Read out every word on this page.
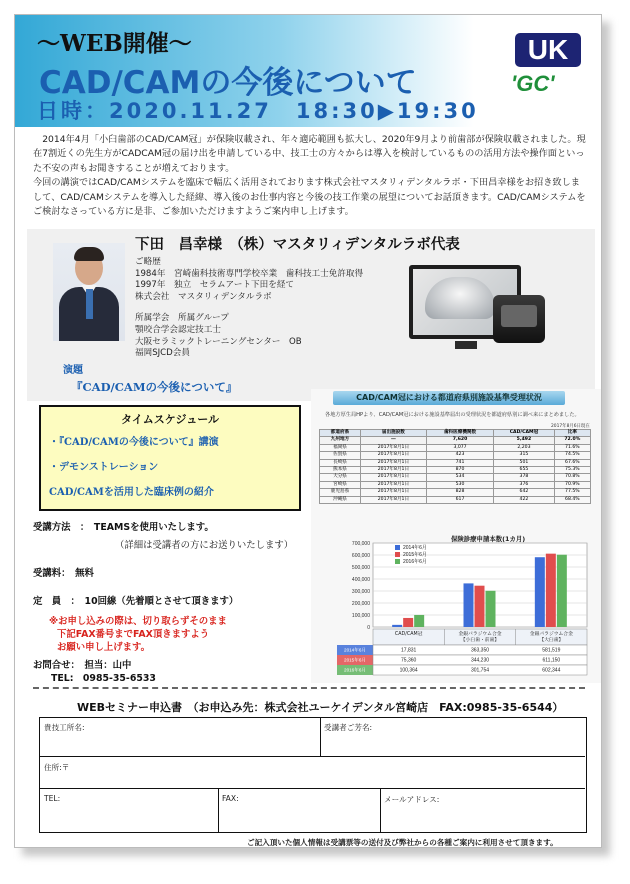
～WEB開催～
CAD/CAMの今後について
日時：2020.11.27　18:30▶19:30
UK
'GC'

2014年4月「小臼歯部のCAD/CAM冠」が保険収載され、年々適応範囲も拡大し、2020年9月より前歯部が保険収載されました。現在7割近くの先生方がCADCAM冠の届け出を申請している中、技工士の方々からは導入を検討しているものの活用方法や操作面といった不安の声もお聞きすることが増えております。

今回の講演ではCAD/CAMシステムを臨床で幅広く活用されております株式会社マスタリィデンタルラボ・下田昌幸様をお招き致しまして、CAD/CAMシステムを導入した経緯、導入後のお仕事内容と今後の技工作業の展望についてお話頂きます。CAD/CAMシステムをご検討なさっている方に是非、ご参加いただけますようご案内申し上げます。

下田　昌幸様　（株）マスタリィデンタルラボ代表
ご略歴
1984年　宮崎歯科技術専門学校卒業　歯科技工士免許取得
1997年　独立　セラムアート下田を経て
株式会社　マスタリィデンタルラボ
所属学会　所属グループ
顎咬合学会認定技工士
大阪セラミックトレーニングセンター　OB
福岡SJCD会員
演題
『CAD/CAMの今後について』
タイムスケジュール
・『CAD/CAMの今後について』講演
・デモンストレーション
CAD/CAMを活用した臨床例の紹介
受講方法　：　TEAMSを使用いたします。
（詳細は受講者の方にお送りいたします）
受講料：　無料
定　員　：　10回線（先着順とさせて頂きます）
※お申し込みの際は、切り取らずそのまま
下記FAX番号までFAX頂きますよう
お願い申し上げます。
お問合せ：　担当：山中
TEL:　0985-35-6533
CAD/CAM冠における都道府県別施設基準受理状況
各地方厚生局HPより、CAD/CAM冠における施設基準届出の受理状況を都道府県別に調べ来にまとめました。
2017年8月6日現在
都道府県	届出施設数	歯科医療機関数	CAD/CAM冠	比率
九州地方	―	7,620	5,492	72.0%
福岡県	2017年8月1日	3,077	2,203	71.6%
佐賀県	2017年8月1日	423	315	74.5%
長崎県	2017年8月1日	741	501	67.6%
熊本県	2017年8月1日	870	655	75.3%
大分県	2017年8月1日	534	378	70.8%
宮崎県	2017年8月1日	530	376	70.9%
鹿児島県	2017年8月1日	828	642	77.5%
沖縄県	2017年8月1日	617	422	68.4%
0
100,000
200,000
300,000
400,000
500,000
600,000
700,000
2014年6月
2015年6月
2016年6月
CAD/CAM冠	金銀パラジウム合金
【小臼歯・前歯】
金銀パラジウム合金
【大臼歯】
2014年6月	17,831	363,350	581,519
2015年6月	75,360	344,230	611,150
2016年6月	100,364	301,754	602,344
保険診療申請本数(1カ月)
WEBセミナー申込書　（お申込み先：株式会社ユーケイデンタル宮崎店　FAX:0985-35-6544）
貴技工所名:	受講者ご芳名:
住所:〒
TEL:	FAX:	メールアドレス:
ご記入頂いた個人情報は受講票等の送付及び弊社からの各種ご案内に利用させて頂きます。
